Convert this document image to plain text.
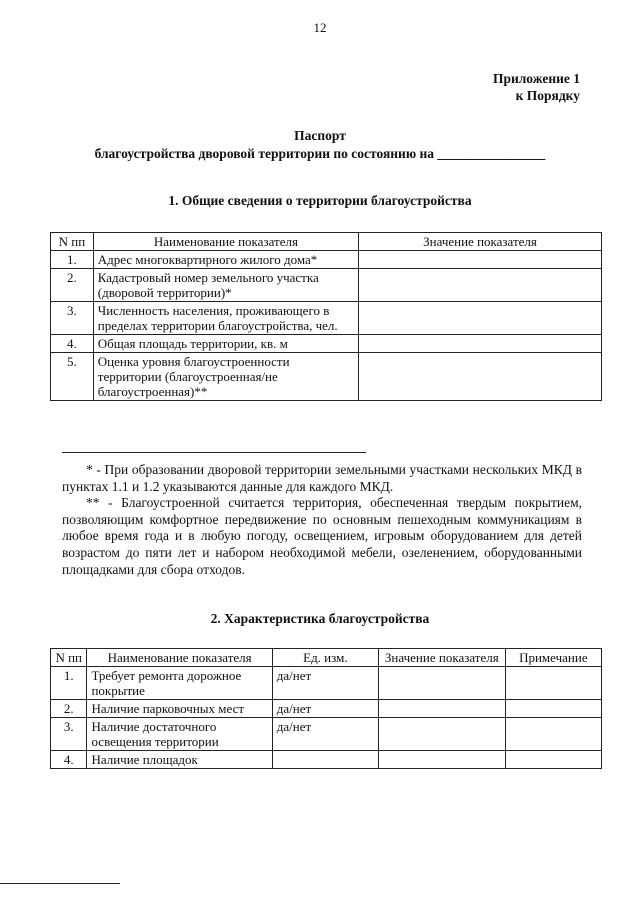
12
Приложение 1
к Порядку
Паспорт
благоустройства дворовой территории по состоянию на ________________
1. Общие сведения о территории благоустройства
N пп	Наименование показателя	Значение показателя
1.	Адрес многоквартирного жилого дома*	
2.	Кадастровый номер земельного участка (дворовой территории)*	
3.	Численность населения, проживающего в пределах территории благоустройства, чел.	
4.	Общая площадь территории, кв. м	
5.	Оценка уровня благоустроенности территории (благоустроенная/не благоустроенная)**	

* - При образовании дворовой территории земельными участками нескольких МКД в пунктах 1.1 и 1.2 указываются данные для каждого МКД.

** - Благоустроенной считается территория, обеспеченная твердым покрытием, позволяющим комфортное передвижение по основным пешеходным коммуникациям в любое время года и в любую погоду, освещением, игровым оборудованием для детей возрастом до пяти лет и набором необходимой мебели, озеленением, оборудованными площадками для сбора отходов.

2. Характеристика благоустройства
N пп	Наименование показателя	Ед. изм.	Значение показателя	Примечание
1.	Требует ремонта дорожное покрытие	да/нет		
2.	Наличие парковочных мест	да/нет		
3.	Наличие достаточного освещения территории	да/нет		
4.	Наличие площадок			
